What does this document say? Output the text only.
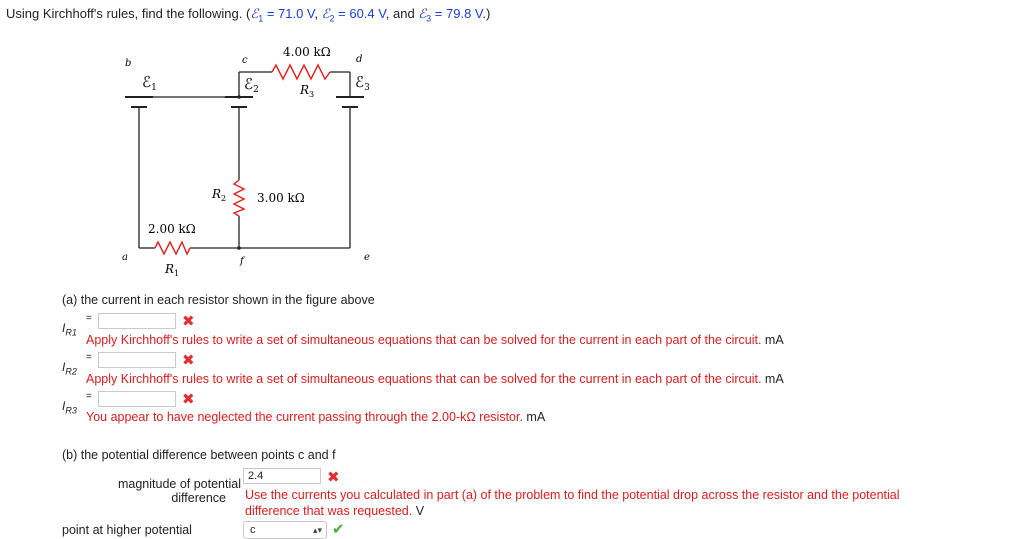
Using Kirchhoff's rules, find the following. (ℰ$_1$ = 71.0 V, ℰ$_2$ = 60.4 V, and ℰ$_3$ = 79.8 V.)
b	c	d
a	f	e
ℰ$_1$	ℰ$_2$	ℰ$_3$
4.00 kΩ
$R_3$
3.00 kΩ
$R_2$
2.00 kΩ
$R_1$
(a) the current in each resistor shown in the figure above
$I_{R1}$
=	✖
Apply Kirchhoff's rules to write a set of simultaneous equations that can be solved for the current in each part of the circuit. mA
$I_{R2}$
=	✖
Apply Kirchhoff's rules to write a set of simultaneous equations that can be solved for the current in each part of the circuit. mA
$I_{R3}$
=	✖
You appear to have neglected the current passing through the 2.00-kΩ resistor. mA
(b) the potential difference between points c and f
magnitude of potential
difference
2.4	✖
Use the currents you calculated in part (a) of the problem to find the potential drop across the resistor and the potential
difference that was requested. V
point at higher potential	c	▴▾ ✔
